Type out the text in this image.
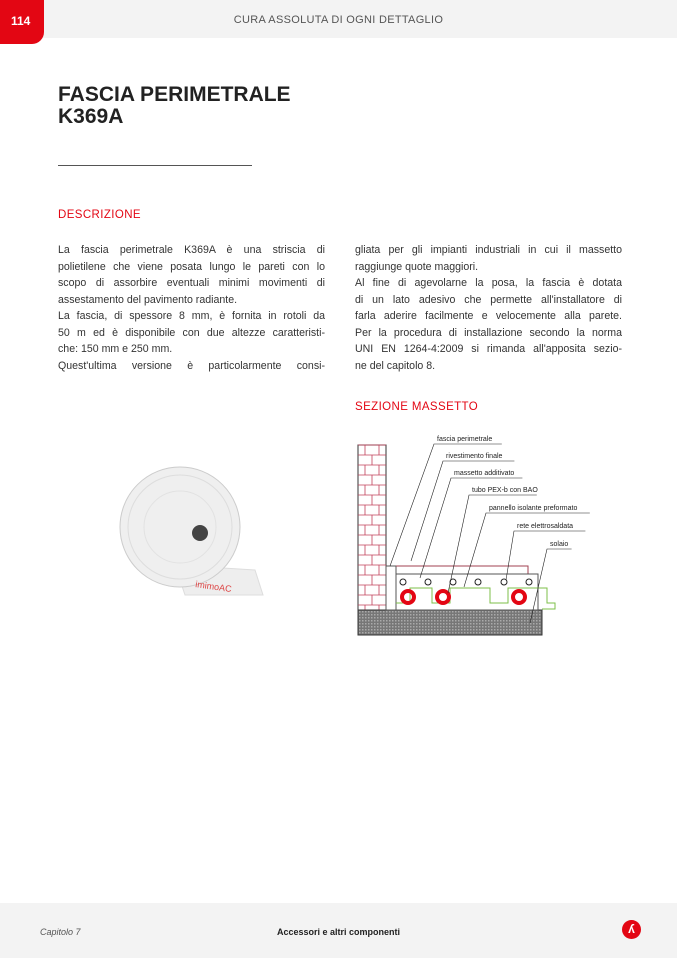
114	CURA ASSOLUTA DI OGNI DETTAGLIO
FASCIA PERIMETRALE
K369A
DESCRIZIONE
La fascia perimetrale K369A è una striscia di
polietilene che viene posata lungo le pareti con lo
scopo di assorbire eventuali minimi movimenti di
assestamento del pavimento radiante.
La fascia, di spessore 8 mm, è fornita in rotoli da
50 m ed è disponibile con due altezze caratteristi-
che: 150 mm e 250 mm.
Quest'ultima versione è particolarmente consi-
gliata per gli impianti industriali in cui il massetto
raggiunge quote maggiori.
Al fine di agevolarne la posa, la fascia è dotata
di un lato adesivo che permette all'installatore di
farla aderire facilmente e velocemente alla parete.
Per la procedura di installazione secondo la norma
UNI EN 1264-4:2009 si rimanda all'apposita sezio-
ne del capitolo 8.
SEZIONE MASSETTO
imimoAC
fascia perimetrale
rivestimento finale
massetto additivato
tubo PEX-b con BAO
pannello isolante preformato
rete elettrosaldata
solaio
Capitolo 7	Accessori e altri componenti	ʎ
